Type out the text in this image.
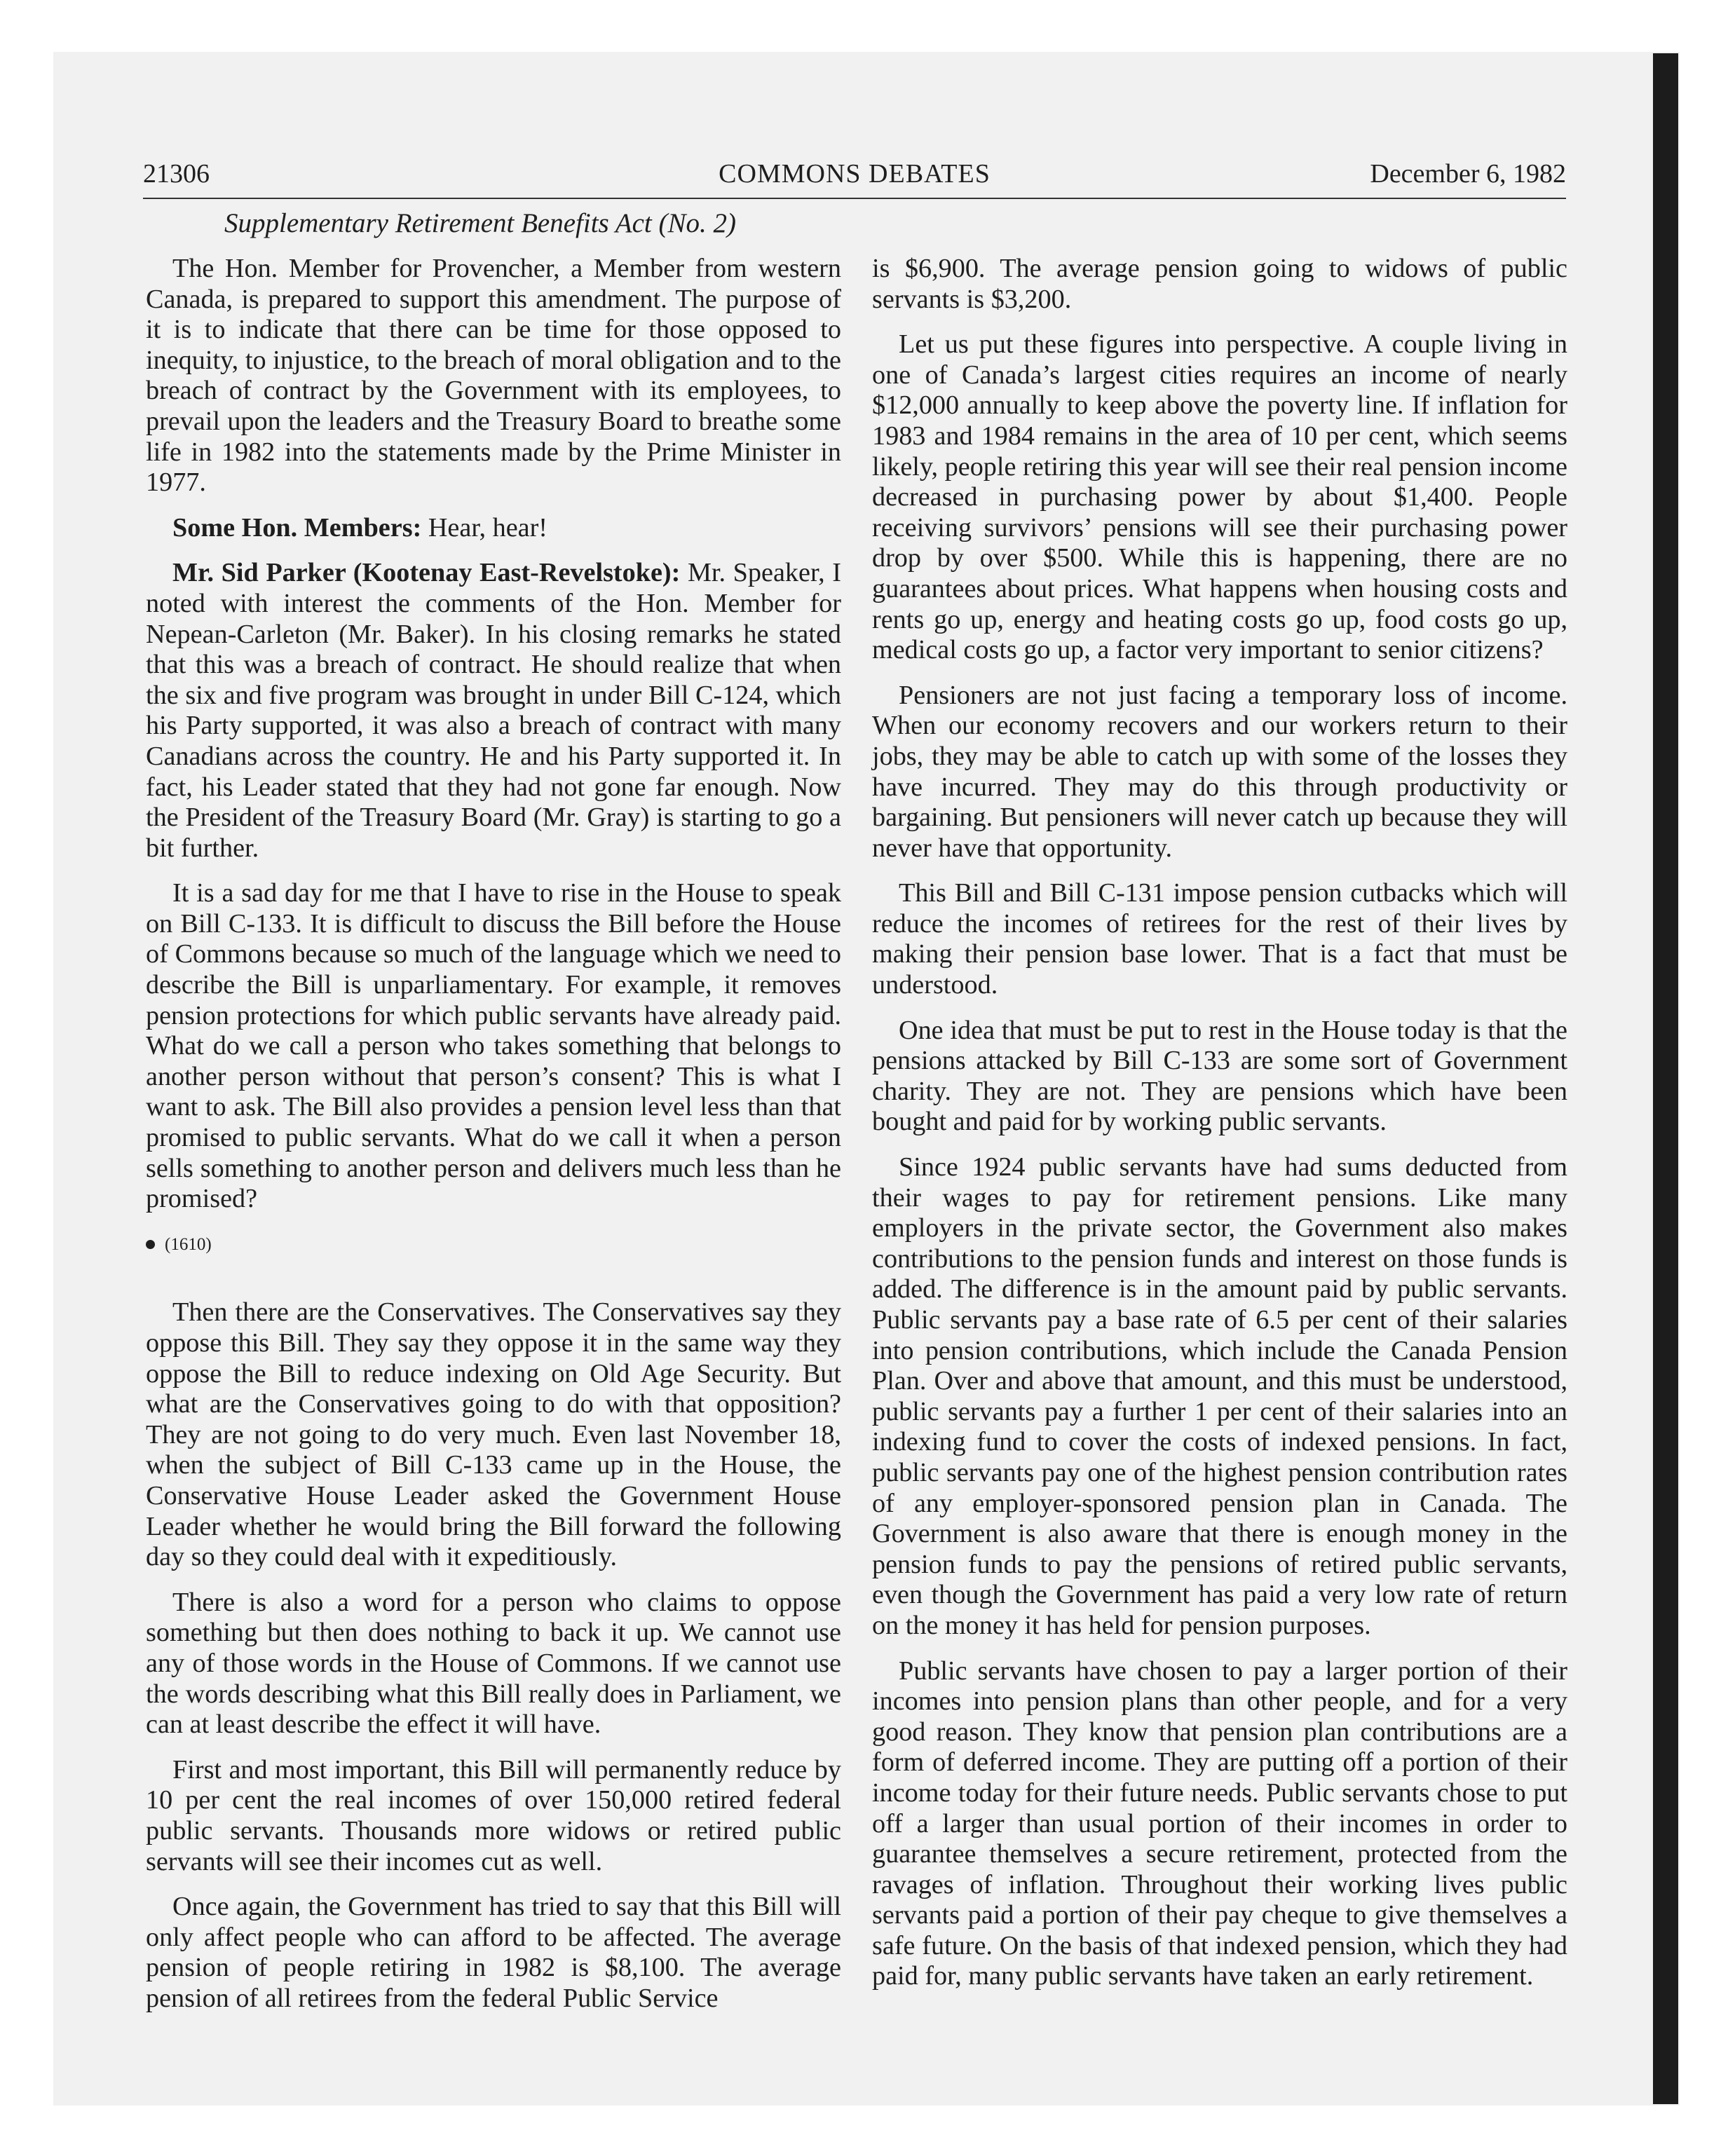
21306	COMMONS DEBATES	December 6, 1982
Supplementary Retirement Benefits Act (No. 2)

The Hon. Member for Provencher, a Member from western Canada, is prepared to support this amendment. The purpose of it is to indicate that there can be time for those opposed to inequity, to injustice, to the breach of moral obligation and to the breach of contract by the Government with its employees, to prevail upon the leaders and the Treasury Board to breathe some life in 1982 into the statements made by the Prime Minister in 1977.

Some Hon. Members: Hear, hear!

Mr. Sid Parker (Kootenay East-Revelstoke): Mr. Speaker, I noted with interest the comments of the Hon. Member for Nepean-Carleton (Mr. Baker). In his closing remarks he stated that this was a breach of contract. He should realize that when the six and five program was brought in under Bill C-124, which his Party supported, it was also a breach of contract with many Canadians across the country. He and his Party supported it. In fact, his Leader stated that they had not gone far enough. Now the President of the Treasury Board (Mr. Gray) is starting to go a bit further.

It is a sad day for me that I have to rise in the House to speak on Bill C-133. It is difficult to discuss the Bill before the House of Commons because so much of the language which we need to describe the Bill is unparliamentary. For example, it removes pension protections for which public servants have already paid. What do we call a person who takes something that belongs to another person without that person’s consent? This is what I want to ask. The Bill also provides a pension level less than that promised to public servants. What do we call it when a person sells something to another person and delivers much less than he promised?

(1610)

Then there are the Conservatives. The Conservatives say they oppose this Bill. They say they oppose it in the same way they oppose the Bill to reduce indexing on Old Age Security. But what are the Conservatives going to do with that opposition? They are not going to do very much. Even last November 18, when the subject of Bill C-133 came up in the House, the Conservative House Leader asked the Government House Leader whether he would bring the Bill forward the following day so they could deal with it expeditiously.

There is also a word for a person who claims to oppose something but then does nothing to back it up. We cannot use any of those words in the House of Commons. If we cannot use the words describing what this Bill really does in Parliament, we can at least describe the effect it will have.

First and most important, this Bill will permanently reduce by 10 per cent the real incomes of over 150,000 retired federal public servants. Thousands more widows or retired public servants will see their incomes cut as well.

Once again, the Government has tried to say that this Bill will only affect people who can afford to be affected. The average pension of people retiring in 1982 is $8,100. The average pension of all retirees from the federal Public Service

is $6,900. The average pension going to widows of public servants is $3,200.

Let us put these figures into perspective. A couple living in one of Canada’s largest cities requires an income of nearly $12,000 annually to keep above the poverty line. If inflation for 1983 and 1984 remains in the area of 10 per cent, which seems likely, people retiring this year will see their real pension income decreased in purchasing power by about $1,400. People receiving survivors’ pensions will see their purchasing power drop by over $500. While this is happening, there are no guarantees about prices. What happens when housing costs and rents go up, energy and heating costs go up, food costs go up, medical costs go up, a factor very important to senior citizens?

Pensioners are not just facing a temporary loss of income. When our economy recovers and our workers return to their jobs, they may be able to catch up with some of the losses they have incurred. They may do this through productivity or bargaining. But pensioners will never catch up because they will never have that opportunity.

This Bill and Bill C-131 impose pension cutbacks which will reduce the incomes of retirees for the rest of their lives by making their pension base lower. That is a fact that must be understood.

One idea that must be put to rest in the House today is that the pensions attacked by Bill C-133 are some sort of Government charity. They are not. They are pensions which have been bought and paid for by working public servants.

Since 1924 public servants have had sums deducted from their wages to pay for retirement pensions. Like many employers in the private sector, the Government also makes contributions to the pension funds and interest on those funds is added. The difference is in the amount paid by public servants. Public servants pay a base rate of 6.5 per cent of their salaries into pension contributions, which include the Canada Pension Plan. Over and above that amount, and this must be understood, public servants pay a further 1 per cent of their salaries into an indexing fund to cover the costs of indexed pensions. In fact, public servants pay one of the highest pension contribution rates of any employer-sponsored pension plan in Canada. The Government is also aware that there is enough money in the pension funds to pay the pensions of retired public servants, even though the Government has paid a very low rate of return on the money it has held for pension purposes.

Public servants have chosen to pay a larger portion of their incomes into pension plans than other people, and for a very good reason. They know that pension plan contributions are a form of deferred income. They are putting off a portion of their income today for their future needs. Public servants chose to put off a larger than usual portion of their incomes in order to guarantee themselves a secure retirement, protected from the ravages of inflation. Throughout their working lives public servants paid a portion of their pay cheque to give themselves a safe future. On the basis of that indexed pension, which they had paid for, many public servants have taken an early retirement.
